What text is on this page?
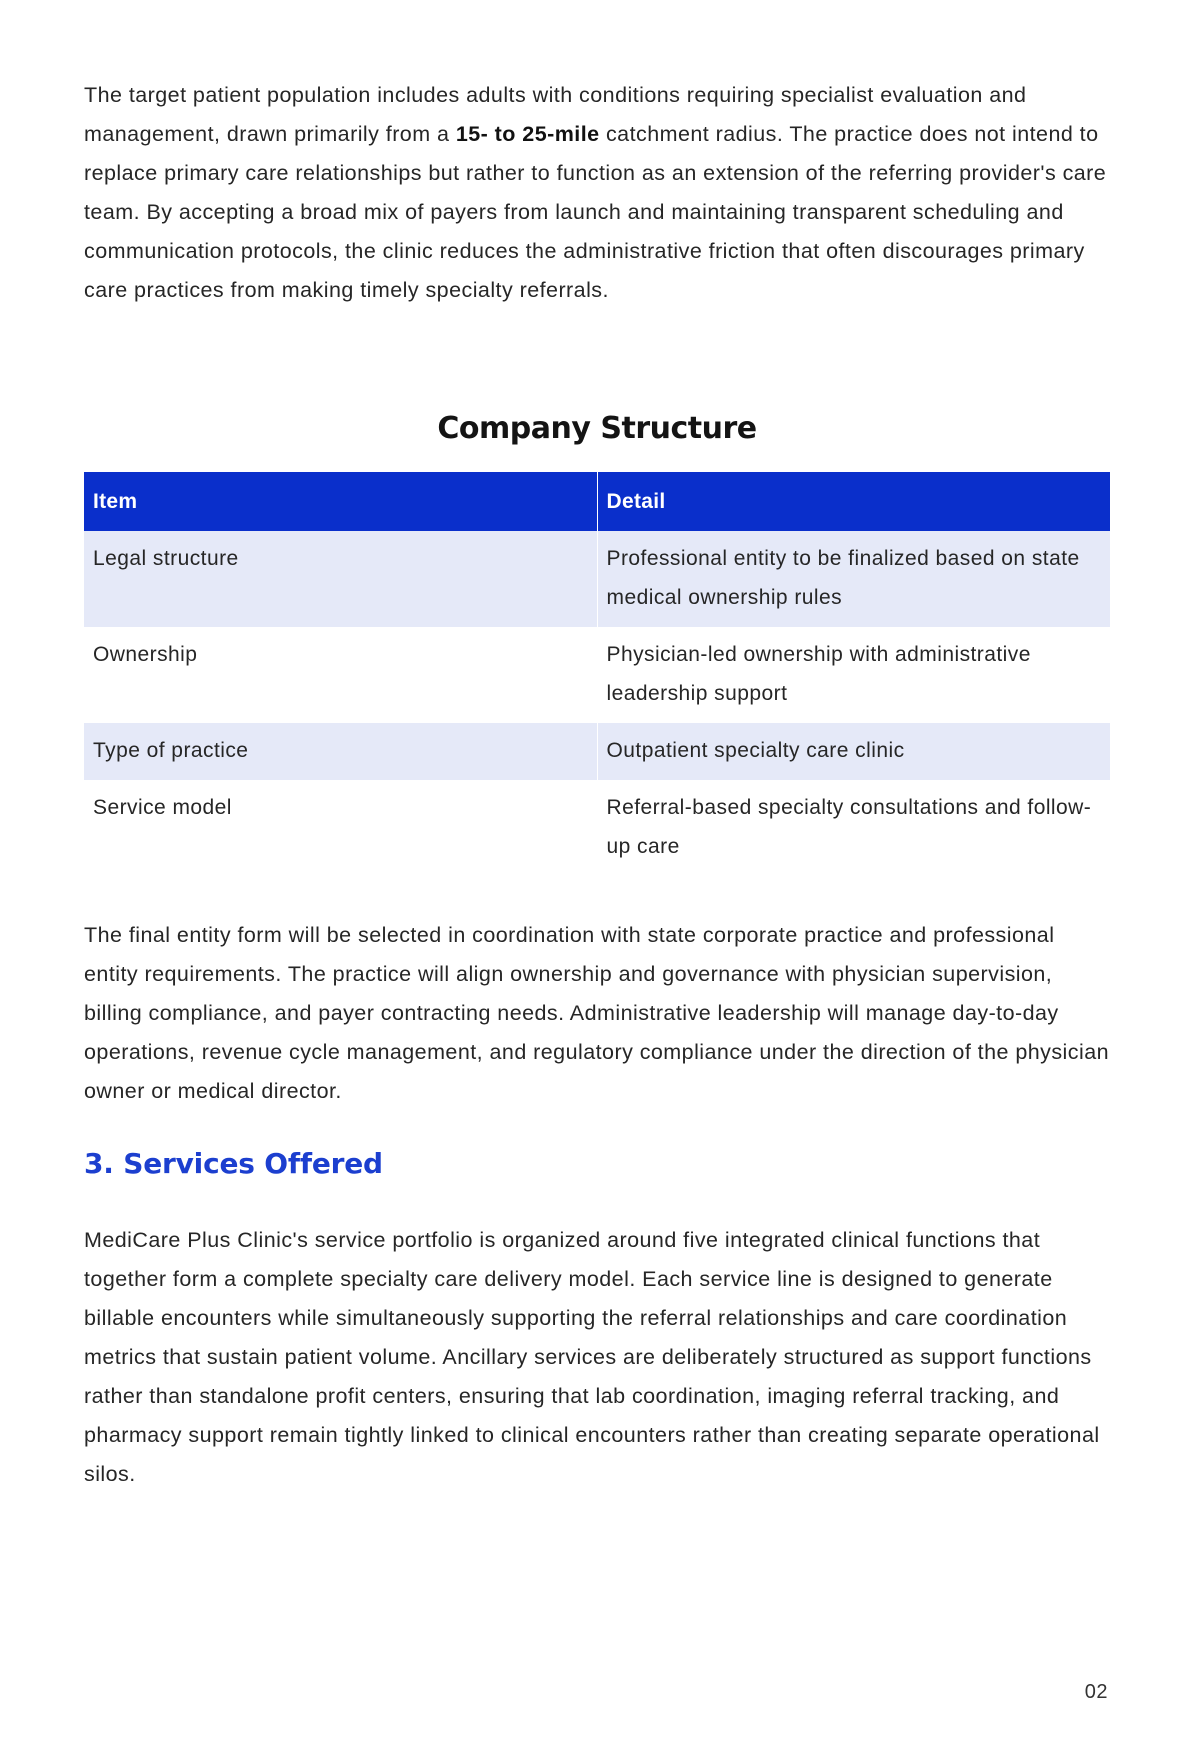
The target patient population includes adults with conditions requiring specialist evaluation and management, drawn primarily from a 15- to 25-mile catchment radius. The practice does not intend to replace primary care relationships but rather to function as an extension of the referring provider's care team. By accepting a broad mix of payers from launch and maintaining transparent scheduling and communication protocols, the clinic reduces the administrative friction that often discourages primary care practices from making timely specialty referrals.

Company Structure
Item	Detail
Legal structure	Professional entity to be finalized based on state medical ownership rules
Ownership	Physician-led ownership with administrative leadership support
Type of practice	Outpatient specialty care clinic
Service model	Referral-based specialty consultations and follow-up care

The final entity form will be selected in coordination with state corporate practice and professional entity requirements. The practice will align ownership and governance with physician supervision, billing compliance, and payer contracting needs. Administrative leadership will manage day-to-day operations, revenue cycle management, and regulatory compliance under the direction of the physician owner or medical director.

3. Services Offered

MediCare Plus Clinic's service portfolio is organized around five integrated clinical functions that together form a complete specialty care delivery model. Each service line is designed to generate billable encounters while simultaneously supporting the referral relationships and care coordination metrics that sustain patient volume. Ancillary services are deliberately structured as support functions rather than standalone profit centers, ensuring that lab coordination, imaging referral tracking, and pharmacy support remain tightly linked to clinical encounters rather than creating separate operational silos.

02
